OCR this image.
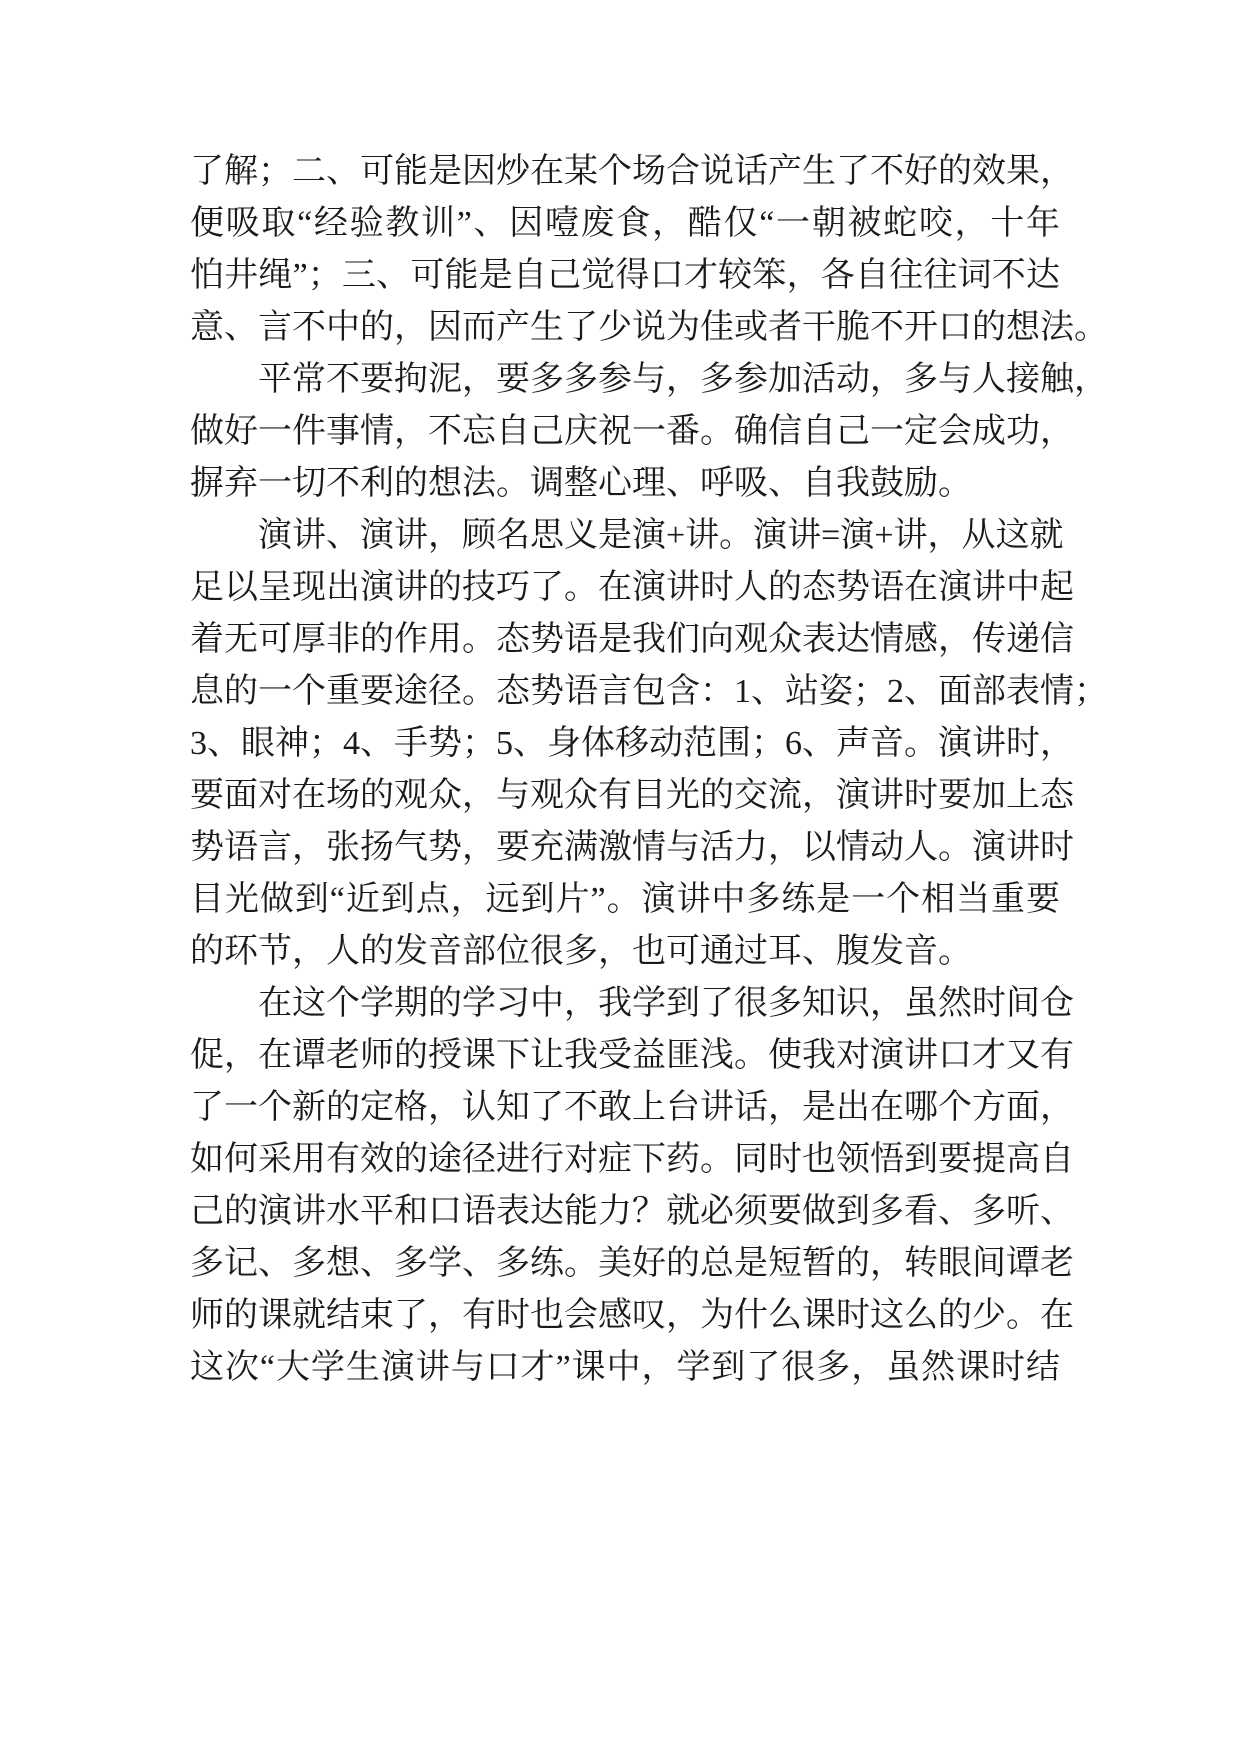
了解；二、可能是因炒在某个场合说话产生了不好的效果，
便吸取“经验教训”、因噎废食，酷仅“一朝被蛇咬，十年
怕井绳”；三、可能是自己觉得口才较笨，各自往往词不达
意、言不中的，因而产生了少说为佳或者干脆不开口的想法。
平常不要拘泥，要多多参与，多参加活动，多与人接触，
做好一件事情，不忘自己庆祝一番。确信自己一定会成功，
摒弃一切不利的想法。调整心理、呼吸、自我鼓励。
演讲、演讲，顾名思义是演+讲。演讲=演+讲，从这就
足以呈现出演讲的技巧了。在演讲时人的态势语在演讲中起
着无可厚非的作用。态势语是我们向观众表达情感，传递信
息的一个重要途径。态势语言包含：1、站姿；2、面部表情；
3、眼神；4、手势；5、身体移动范围；6、声音。演讲时，
要面对在场的观众，与观众有目光的交流，演讲时要加上态
势语言，张扬气势，要充满激情与活力，以情动人。演讲时
目光做到“近到点，远到片”。演讲中多练是一个相当重要
的环节，人的发音部位很多，也可通过耳、腹发音。
在这个学期的学习中，我学到了很多知识，虽然时间仓
促，在谭老师的授课下让我受益匪浅。使我对演讲口才又有
了一个新的定格，认知了不敢上台讲话，是出在哪个方面，
如何采用有效的途径进行对症下药。同时也领悟到要提高自
己的演讲水平和口语表达能力？就必须要做到多看、多听、
多记、多想、多学、多练。美好的总是短暂的，转眼间谭老
师的课就结束了，有时也会感叹，为什么课时这么的少。在
这次“大学生演讲与口才”课中，学到了很多，虽然课时结
